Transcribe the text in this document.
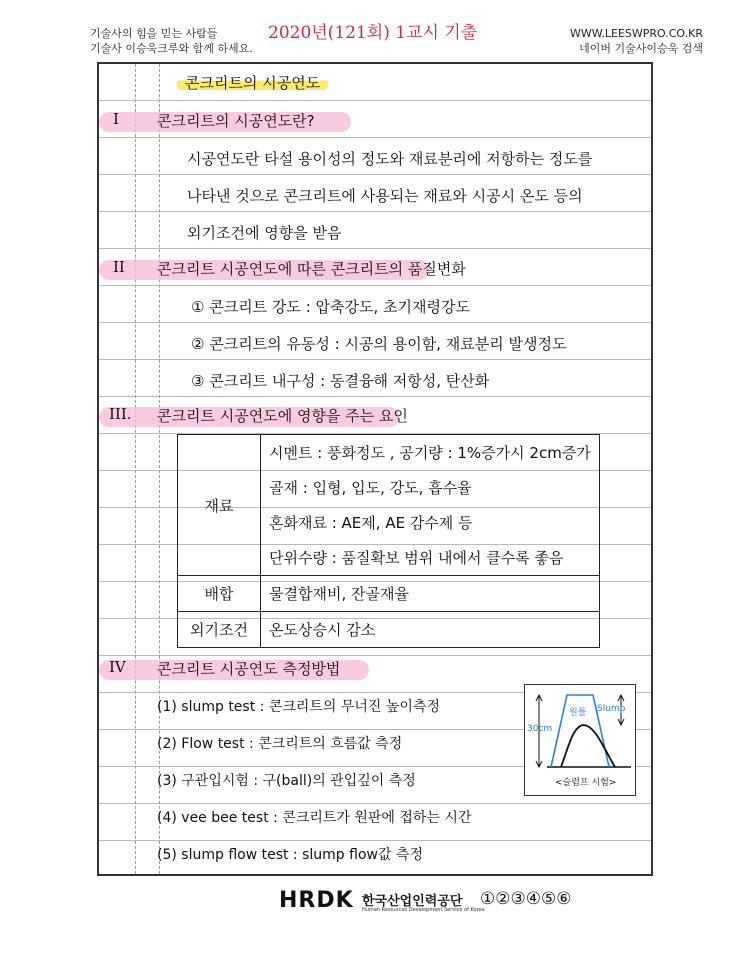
기술사의 힘을 믿는 사람들
기술사 이승욱크루와 함께 하세요.
2020년(121회) 1교시 기출	WWW.LEESWPRO.CO.KR
네이버 기술사이승욱 검색
콘크리트의 시공연도
I	콘크리트의 시공연도란?
시공연도란 타설 용이성의 정도와 재료분리에 저항하는 정도를
나타낸 것으로 콘크리트에 사용되는 재료와 시공시 온도 등의
외기조건에 영향을 받음
II 콘크리트 시공연도에 따른 콘크리트의 품질변화
① 콘크리트 강도 : 압축강도, 초기재령강도
② 콘크리트의 유동성 : 시공의 용이함, 재료분리 발생정도
③ 콘크리트 내구성 : 동결융해 저항성, 탄산화
III. 콘크리트 시공연도에 영향을 주는 요인
재료	시멘트 : 풍화정도 , 공기량 : 1%증가시 2cm증가
	골재 : 입형, 입도, 강도, 흡수율
	혼화재료 : AE제, AE 감수제 등
	단위수량 : 품질확보 범위 내에서 클수록 좋음
배합	물결합재비, 잔골재율
외기조건	온도상승시 감소
IV 콘크리트 시공연도 측정방법
(1) slump test : 콘크리트의 무너진 높이측정
(2) Flow test : 콘크리트의 흐름값 측정
(3) 구관입시험 : 구(ball)의 관입깊이 측정
(4) vee bee test : 콘크리트가 원판에 접하는 시간
(5) slump flow test : slump flow값 측정
30cm
원틀 Slump
<슬럼프 시험>
HRDK 한국산업인력공단
Human Resources Development Service of Korea
①②③④⑤⑥
